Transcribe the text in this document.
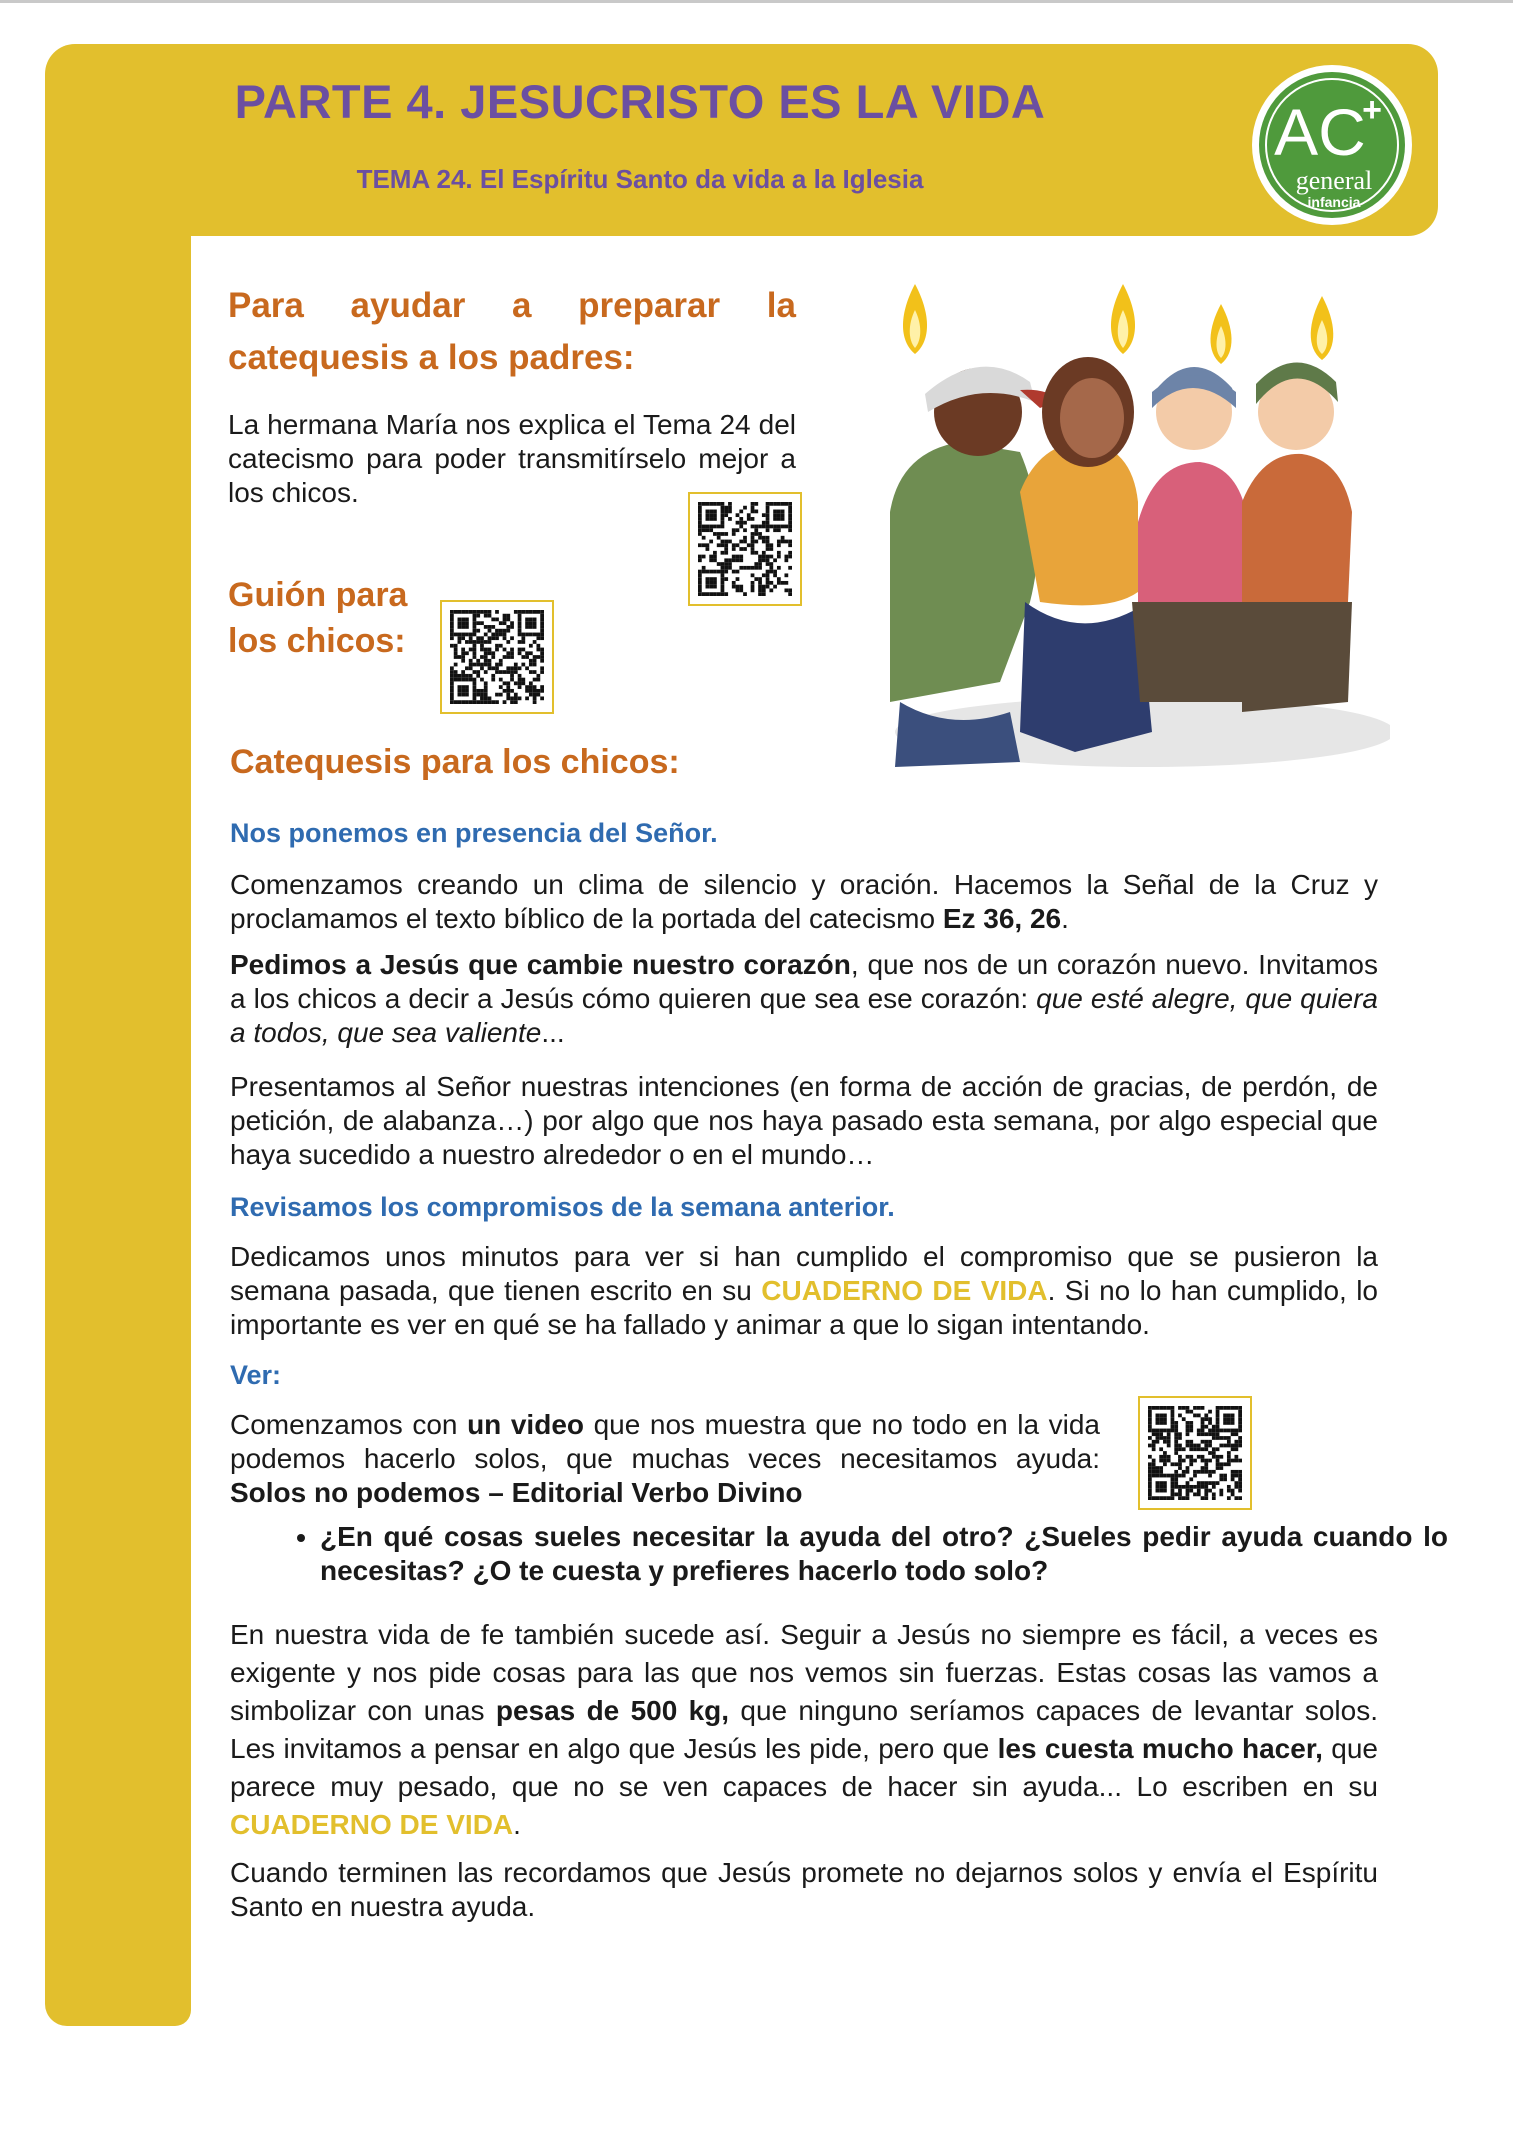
PARTE 4. JESUCRISTO ES LA VIDA
TEMA 24. El Espíritu Santo da vida a la Iglesia
AC
+
general
infancia

Para ayudar a preparar la catequesis a los padres:

La hermana María nos explica el Tema 24 del catecismo para poder transmitírselo mejor a los chicos.

Guión para
los chicos:

Catequesis para los chicos:

Nos ponemos en presencia del Señor.

Comenzamos creando un clima de silencio y oración. Hacemos la Señal de la Cruz y proclamamos el texto bíblico de la portada del catecismo Ez 36, 26.

Pedimos a Jesús que cambie nuestro corazón, que nos de un corazón nuevo. Invitamos a los chicos a decir a Jesús cómo quieren que sea ese corazón: que esté alegre, que quiera a todos, que sea valiente...

Presentamos al Señor nuestras intenciones (en forma de acción de gracias, de perdón, de petición, de alabanza…) por algo que nos haya pasado esta semana, por algo especial que haya sucedido a nuestro alrededor o en el mundo…

Revisamos los compromisos de la semana anterior.

Dedicamos unos minutos para ver si han cumplido el compromiso que se pusieron la semana pasada, que tienen escrito en su CUADERNO DE VIDA. Si no lo han cumplido, lo importante es ver en qué se ha fallado y animar a que lo sigan intentando.

Ver:

Comenzamos con un video que nos muestra que no todo en la vida podemos hacerlo solos, que muchas veces necesitamos ayuda: Solos no podemos – Editorial Verbo Divino

• ¿En qué cosas sueles necesitar la ayuda del otro? ¿Sueles pedir ayuda cuando lo necesitas? ¿O te cuesta y prefieres hacerlo todo solo?

En nuestra vida de fe también sucede así. Seguir a Jesús no siempre es fácil, a veces es exigente y nos pide cosas para las que nos vemos sin fuerzas. Estas cosas las vamos a simbolizar con unas pesas de 500 kg, que ninguno seríamos capaces de levantar solos. Les invitamos a pensar en algo que Jesús les pide, pero que les cuesta mucho hacer, que parece muy pesado, que no se ven capaces de hacer sin ayuda... Lo escriben en su CUADERNO DE VIDA.

Cuando terminen las recordamos que Jesús promete no dejarnos solos y envía el Espíritu Santo en nuestra ayuda.
